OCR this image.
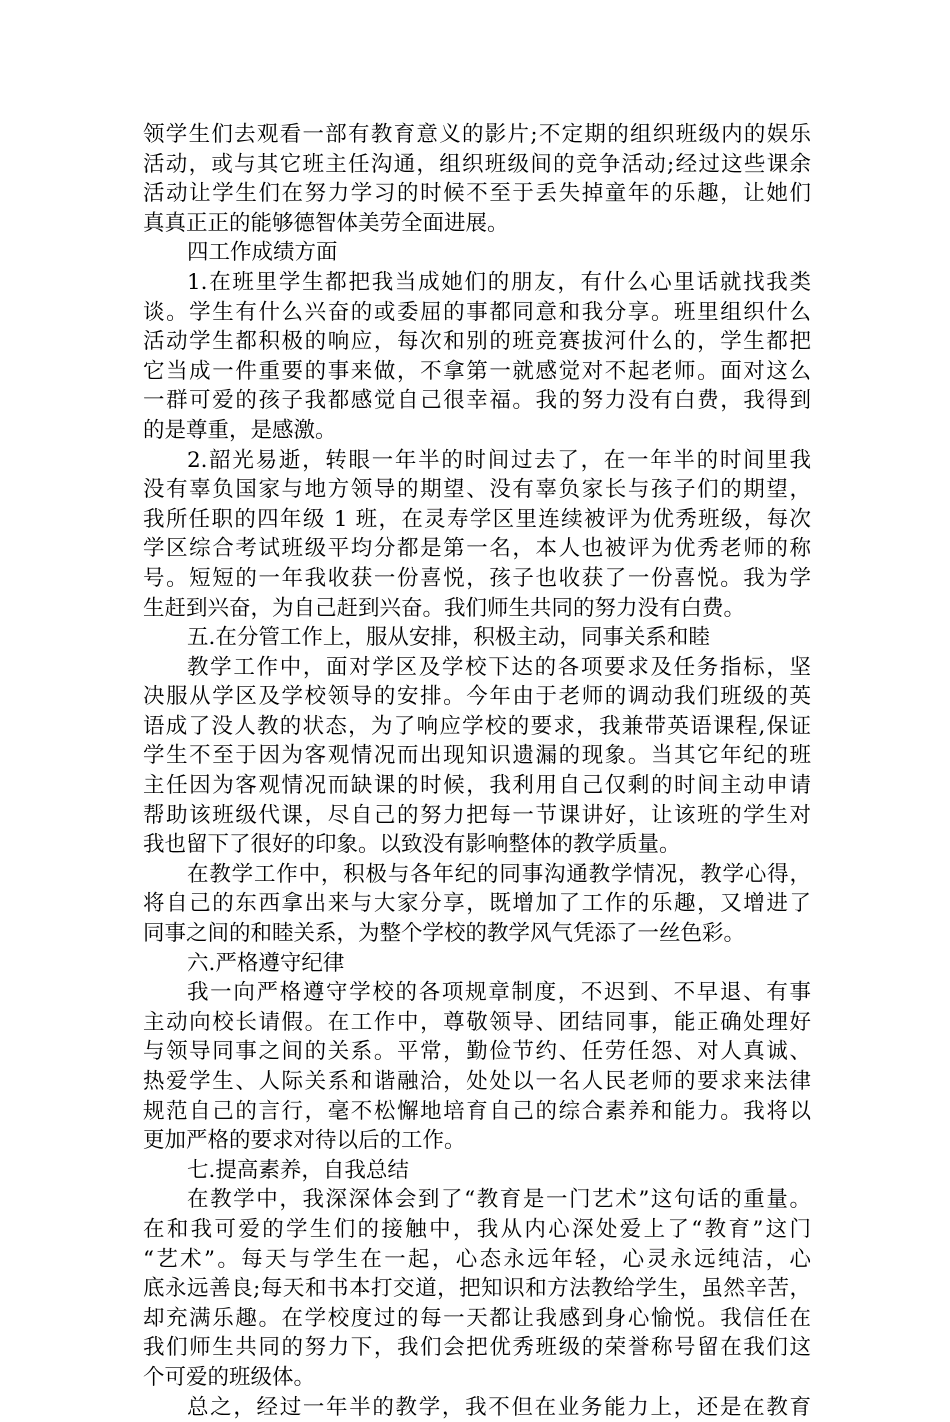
领学生们去观看一部有教育意义的影片;不定期的组织班级内的娱乐
活动，或与其它班主任沟通，组织班级间的竞争活动;经过这些课余
活动让学生们在努力学习的时候不至于丢失掉童年的乐趣，让她们
真真正正的能够德智体美劳全面进展。
四工作成绩方面
1.在班里学生都把我当成她们的朋友，有什么心里话就找我类
谈。学生有什么兴奋的或委屈的事都同意和我分享。班里组织什么
活动学生都积极的响应，每次和别的班竞赛拔河什么的，学生都把
它当成一件重要的事来做，不拿第一就感觉对不起老师。面对这么
一群可爱的孩子我都感觉自己很幸福。我的努力没有白费，我得到
的是尊重，是感激。
2.韶光易逝，转眼一年半的时间过去了，在一年半的时间里我
没有辜负国家与地方领导的期望、没有辜负家长与孩子们的期望，
我所任职的四年级 1 班，在灵寿学区里连续被评为优秀班级，每次
学区综合考试班级平均分都是第一名，本人也被评为优秀老师的称
号。短短的一年我收获一份喜悦，孩子也收获了一份喜悦。我为学
生赶到兴奋，为自己赶到兴奋。我们师生共同的努力没有白费。
五.在分管工作上，服从安排，积极主动，同事关系和睦
教学工作中，面对学区及学校下达的各项要求及任务指标，坚
决服从学区及学校领导的安排。今年由于老师的调动我们班级的英
语成了没人教的状态，为了响应学校的要求，我兼带英语课程,保证
学生不至于因为客观情况而出现知识遗漏的现象。当其它年纪的班
主任因为客观情况而缺课的时候，我利用自己仅剩的时间主动申请
帮助该班级代课，尽自己的努力把每一节课讲好，让该班的学生对
我也留下了很好的印象。以致没有影响整体的教学质量。
在教学工作中，积极与各年纪的同事沟通教学情况，教学心得，
将自己的东西拿出来与大家分享，既增加了工作的乐趣，又增进了
同事之间的和睦关系，为整个学校的教学风气凭添了一丝色彩。
六.严格遵守纪律
我一向严格遵守学校的各项规章制度，不迟到、不早退、有事
主动向校长请假。在工作中，尊敬领导、团结同事，能正确处理好
与领导同事之间的关系。平常，勤俭节约、任劳任怨、对人真诚、
热爱学生、人际关系和谐融洽，处处以一名人民老师的要求来法律
规范自己的言行，毫不松懈地培育自己的综合素养和能力。我将以
更加严格的要求对待以后的工作。
七.提高素养，自我总结
在教学中，我深深体会到了“教育是一门艺术”这句话的重量。
在和我可爱的学生们的接触中，我从内心深处爱上了“教育”这门
“艺术”。每天与学生在一起，心态永远年轻，心灵永远纯洁，心
底永远善良;每天和书本打交道，把知识和方法教给学生，虽然辛苦，
却充满乐趣。在学校度过的每一天都让我感到身心愉悦。我信任在
我们师生共同的努力下，我们会把优秀班级的荣誉称号留在我们这
个可爱的班级体。
总之，经过一年半的教学，我不但在业务能力上，还是在教育
